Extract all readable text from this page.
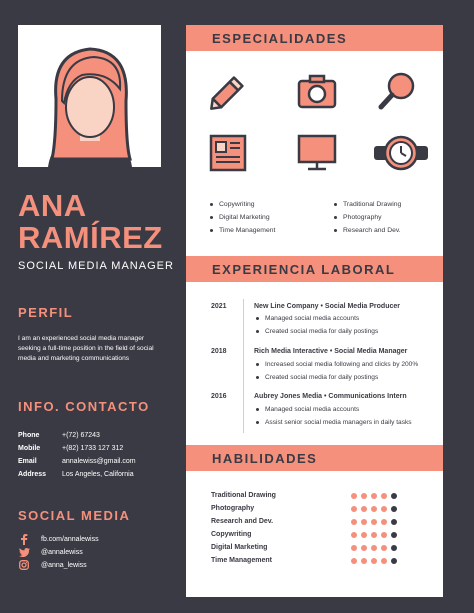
ANA
RAMÍREZ
SOCIAL MEDIA MANAGER
PERFIL
I am an experienced social media manager seeking a full-time position in the field of social media and marketing communications
INFO. CONTACTO
Phone	+(72) 67243
Mobile	+(82) 1733 127 312
Email	annalewiss@gmail.com
Address	Los Angeles, California
SOCIAL MEDIA
fb.com/annalewiss
@annalewiss
@anna_lewiss
ESPECIALIDADES
Copywriting
Digital Marketing
Time Management
Traditional Drawing
Photography
Research and Dev.
EXPERIENCIA LABORAL
2021	New Line Company • Social Media Producer
Managed social media accounts
Created social media for daily postings
2018	Rich Media Interactive • Social Media Manager
Increased social media following and clicks by 200%
Created social media for daily postings
2016	Aubrey Jones Media • Communications Intern
Managed social media accounts
Assist senior social media managers in daily tasks
HABILIDADES
Traditional Drawing
Photography
Research and Dev.
Copywriting
Digital Marketing
Time Management
